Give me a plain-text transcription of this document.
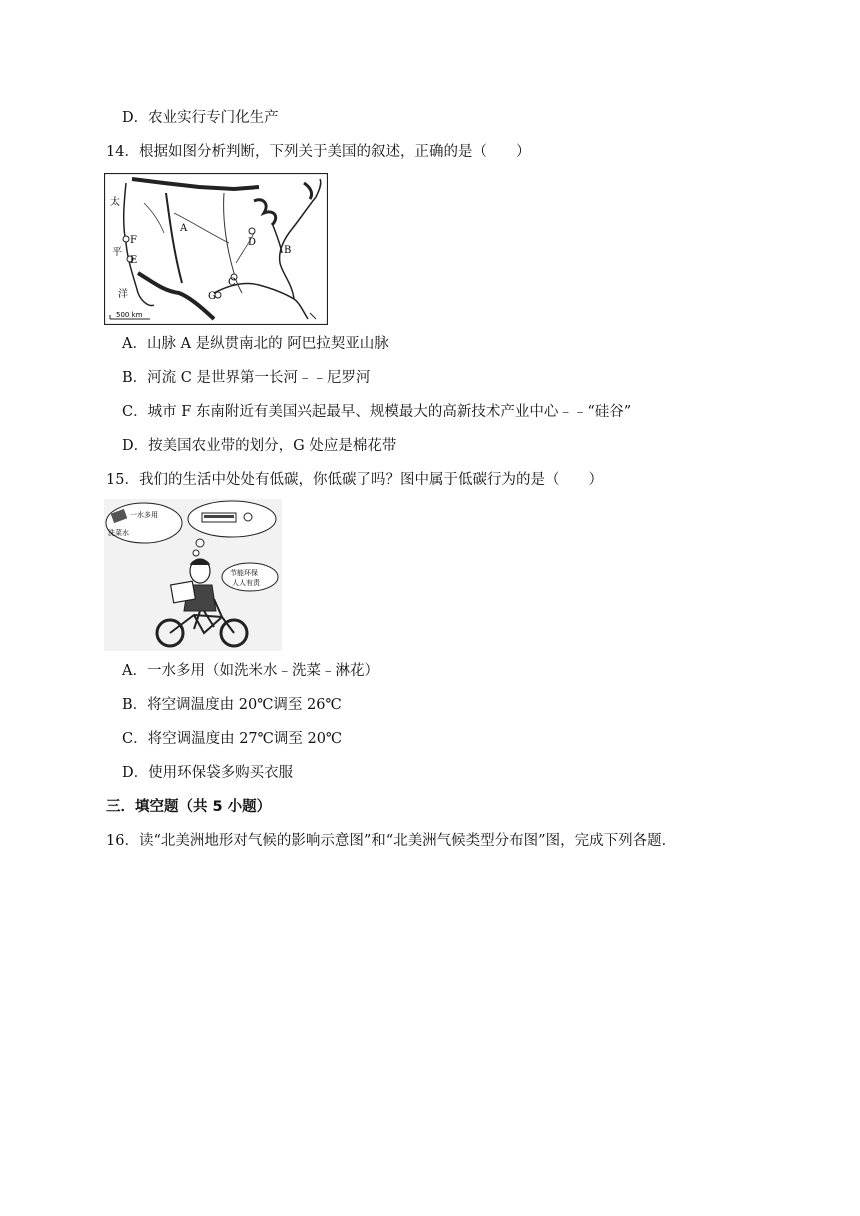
D．农业实行专门化生产
14．根据如图分析判断，下列关于美国的叙述，正确的是（　　）
太
平
洋
A
B
C
D
E
F
G
500 km
A．山脉 A 是纵贯南北的 阿巴拉契亚山脉
B．河流 C 是世界第一长河﹣﹣尼罗河
C．城市 F 东南附近有美国兴起最早、规模最大的高新技术产业中心﹣﹣“硅谷”
D．按美国农业带的划分，G 处应是棉花带
15．我们的生活中处处有低碳，你低碳了吗？图中属于低碳行为的是（　　）
一水多用
洗菜水
节能环保
人人有责
A．一水多用（如洗米水﹣洗菜﹣淋花）
B．将空调温度由 20℃调至 26℃
C．将空调温度由 27℃调至 20℃
D．使用环保袋多购买衣服
三．填空题（共 5 小题）
16．读“北美洲地形对气候的影响示意图”和“北美洲气候类型分布图”图，完成下列各题．
